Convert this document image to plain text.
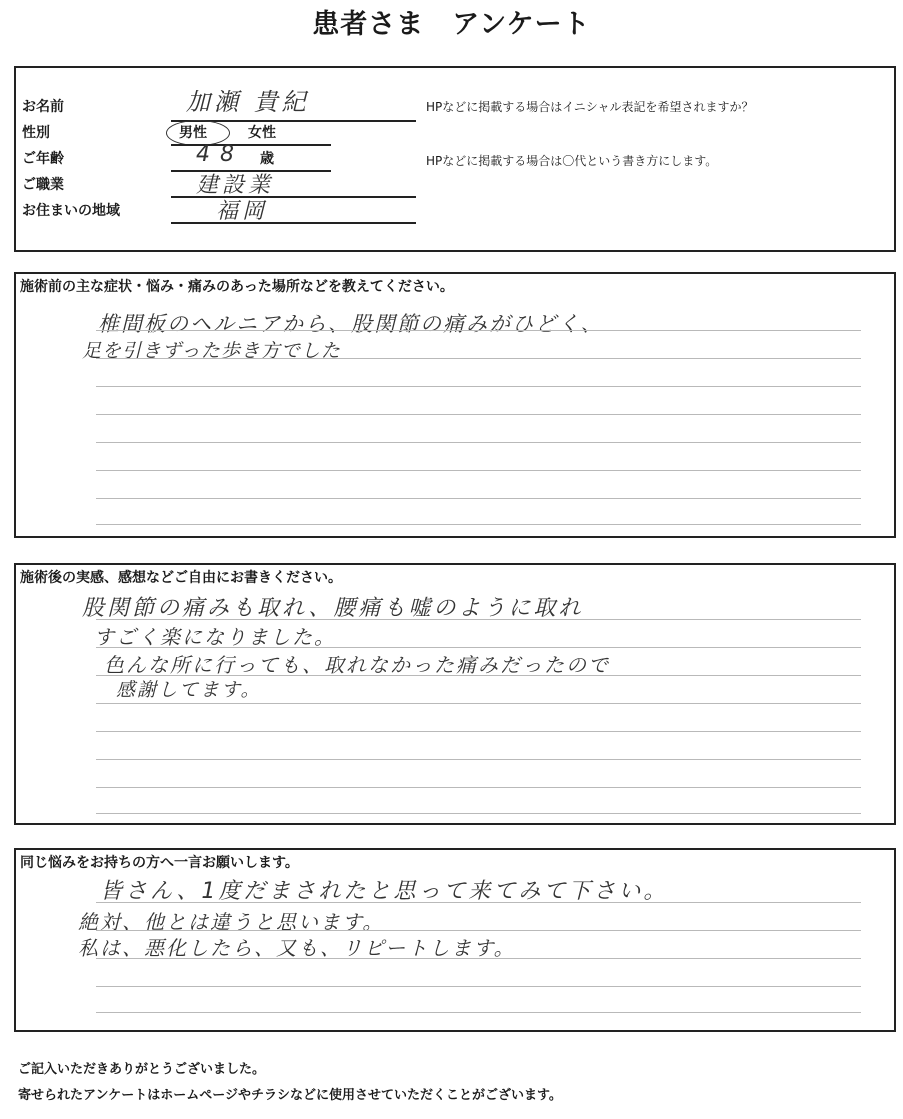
患者さま　アンケート
お名前	加瀬 貴紀	HPなどに掲載する場合はイニシャル表記を希望されますか？
性別	男性	女性
ご年齢	48 歳	HPなどに掲載する場合は〇代という書き方にします。
ご職業	建設業
お住まいの地域	福岡
施術前の主な症状・悩み・痛みのあった場所などを教えてください。
椎間板のヘルニアから、股関節の痛みがひどく、
足を引きずった歩き方でした
施術後の実感、感想などご自由にお書きください。
股関節の痛みも取れ、腰痛も嘘のように取れ
すごく楽になりました。
色んな所に行っても、取れなかった痛みだったので
感謝してます。
同じ悩みをお持ちの方へ一言お願いします。
皆さん、1度だまされたと思って来てみて下さい。
絶対、他とは違うと思います。
私は、悪化したら、又も、リピートします。
ご記入いただきありがとうございました。
寄せられたアンケートはホームページやチラシなどに使用させていただくことがございます。
